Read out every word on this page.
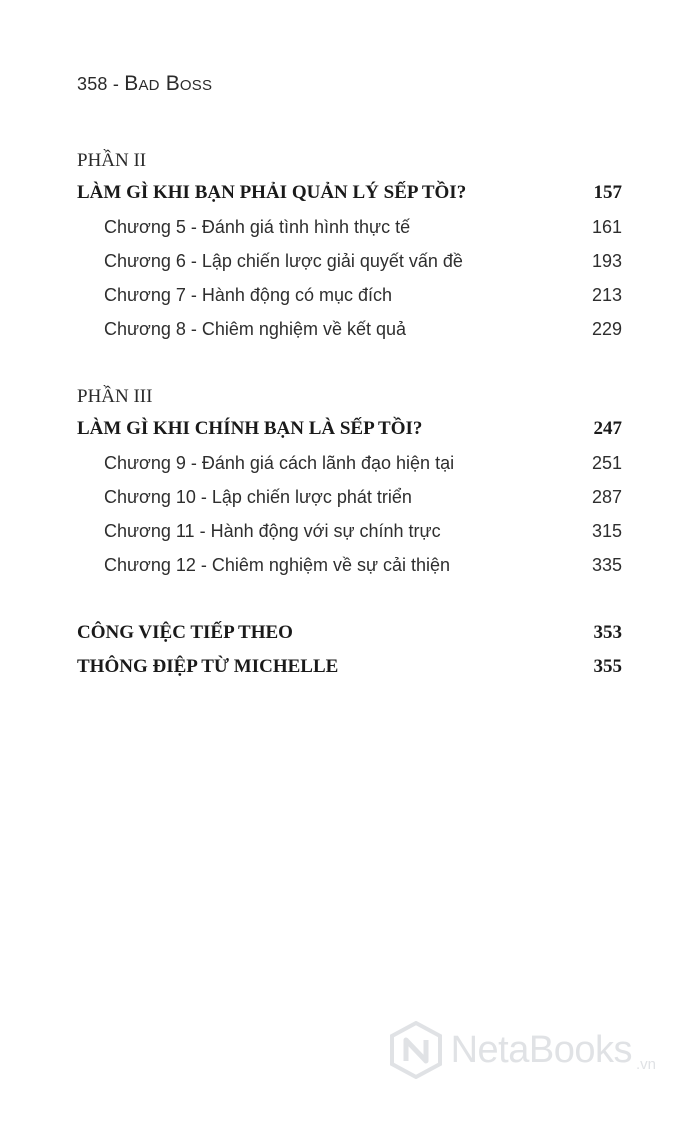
358 - Bad Boss
PHẦN II
LÀM GÌ KHI BẠN PHẢI QUẢN LÝ SẾP TỒI?	157
Chương 5 - Đánh giá tình hình thực tế	161
Chương 6 - Lập chiến lược giải quyết vấn đề	193
Chương 7 - Hành động có mục đích	213
Chương 8 - Chiêm nghiệm về kết quả	229
PHẦN III
LÀM GÌ KHI CHÍNH BẠN LÀ SẾP TỒI?	247
Chương 9 - Đánh giá cách lãnh đạo hiện tại	251
Chương 10 - Lập chiến lược phát triển	287
Chương 11 - Hành động với sự chính trực	315
Chương 12 - Chiêm nghiệm về sự cải thiện	335
CÔNG VIỆC TIẾP THEO	353
THÔNG ĐIỆP TỪ MICHELLE	355
NetaBooks .vn
